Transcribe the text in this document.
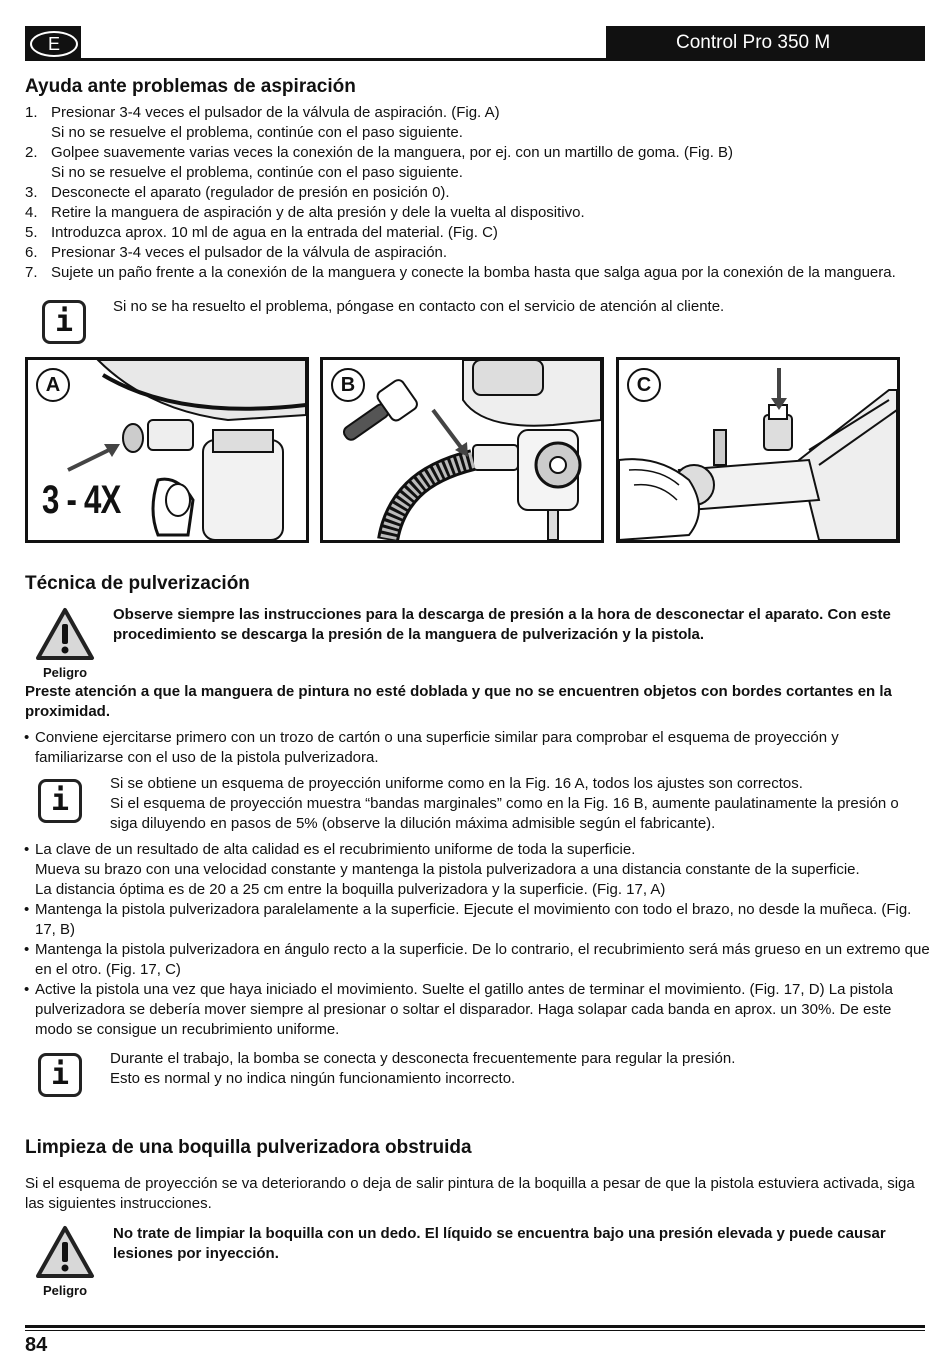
E	Control Pro 350 M
Ayuda ante problemas de aspiración
1. Presionar 3-4 veces el pulsador de la válvula de aspiración. (Fig. A)
Si no se resuelve el problema, continúe con el paso siguiente.
2. Golpee suavemente varias veces la conexión de la manguera, por ej. con un martillo de goma. (Fig. B)
Si no se resuelve el problema, continúe con el paso siguiente.
3. Desconecte el aparato (regulador de presión en posición 0).
4. Retire la manguera de aspiración y de alta presión y dele la vuelta al dispositivo.
5. Introduzca aprox. 10 ml de agua en la entrada del material. (Fig. C)
6. Presionar 3-4 veces el pulsador de la válvula de aspiración.
7. Sujete un paño frente a la conexión de la manguera y conecte la bomba hasta que salga agua por la conexión de la manguera.
i	Si no se ha resuelto el problema, póngase en contacto con el servicio de atención al cliente.
A
3 - 4X
B	C
Técnica de pulverización
Peligro
Observe siempre las instrucciones para la descarga de presión a la hora de desconectar el aparato. Con este procedimiento se descarga la presión de la manguera de pulverización y la pistola.
Preste atención a que la manguera de pintura no esté doblada y que no se encuentren objetos con bordes cortantes en la proximidad.
• Conviene ejercitarse primero con un trozo de cartón o una superficie similar para comprobar el esquema de proyección y familiarizarse con el uso de la pistola pulverizadora.
i	Si se obtiene un esquema de proyección uniforme como en la Fig. 16 A, todos los ajustes son correctos.
Si el esquema de proyección muestra “bandas marginales” como en la Fig. 16 B, aumente paulatinamente la presión o siga diluyendo en pasos de 5% (observe la dilución máxima admisible según el fabricante).
• La clave de un resultado de alta calidad es el recubrimiento uniforme de toda la superficie.
Mueva su brazo con una velocidad constante y mantenga la pistola pulverizadora a una distancia constante de la superficie.
La distancia óptima es de 20 a 25 cm entre la boquilla pulverizadora y la superficie. (Fig. 17, A)
• Mantenga la pistola pulverizadora paralelamente a la superficie. Ejecute el movimiento con todo el brazo, no desde la muñeca. (Fig. 17, B)
• Mantenga la pistola pulverizadora en ángulo recto a la superficie. De lo contrario, el recubrimiento será más grueso en un extremo que en el otro. (Fig. 17, C)
• Active la pistola una vez que haya iniciado el movimiento. Suelte el gatillo antes de terminar el movimiento. (Fig. 17, D) La pistola pulverizadora se debería mover siempre al presionar o soltar el disparador. Haga solapar cada banda en aprox. un 30%. De este modo se consigue un recubrimiento uniforme.
i	Durante el trabajo, la bomba se conecta y desconecta frecuentemente para regular la presión.
Esto es normal y no indica ningún funcionamiento incorrecto.
Limpieza de una boquilla pulverizadora obstruida
Si el esquema de proyección se va deteriorando o deja de salir pintura de la boquilla a pesar de que la pistola estuviera activada, siga las siguientes instrucciones.
Peligro
No trate de limpiar la boquilla con un dedo. El líquido se encuentra bajo una presión elevada y puede causar lesiones por inyección.
84
